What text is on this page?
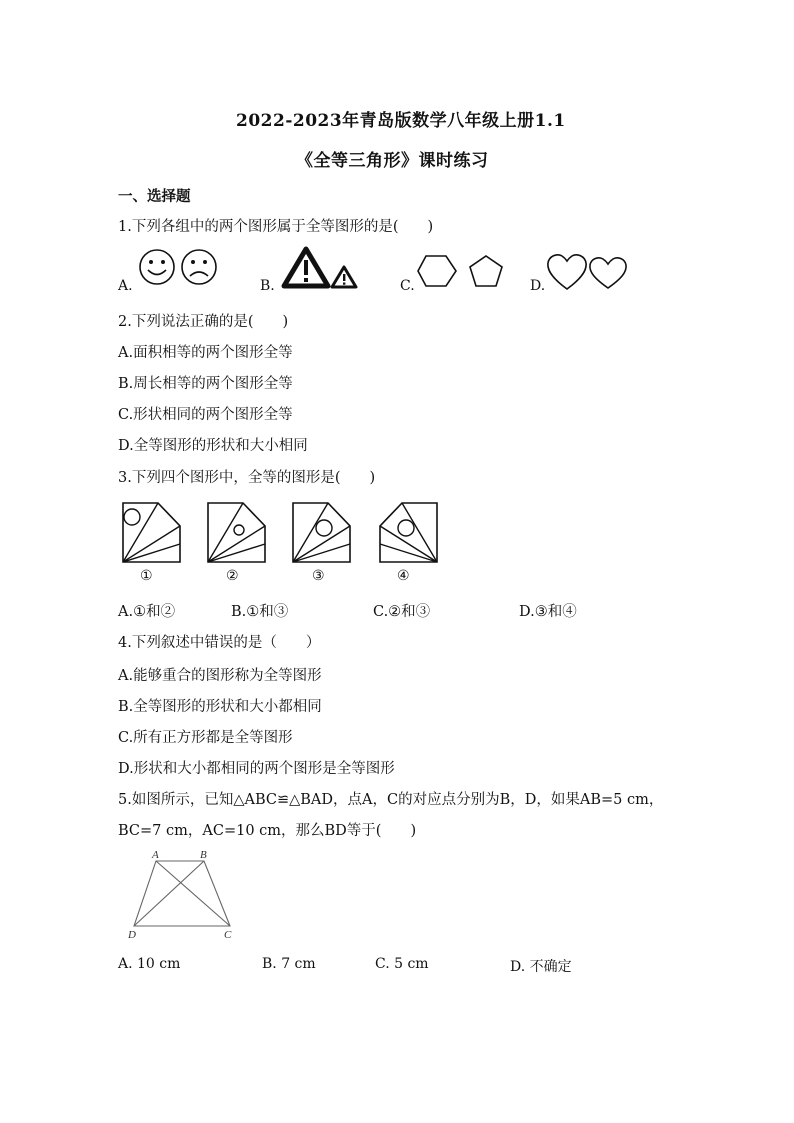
2022-2023年青岛版数学八年级上册1.1
《全等三角形》课时练习
一、选择题
1.下列各组中的两个图形属于全等图形的是(　　)
A.	B.	C.	D.
2.下列说法正确的是(　　)
A.面积相等的两个图形全等
B.周长相等的两个图形全等
C.形状相同的两个图形全等
D.全等图形的形状和大小相同
3.下列四个图形中，全等的图形是(　　)
①	②	③	④
A.①和②	B.①和③	C.②和③	D.③和④
4.下列叙述中错误的是（　　）
A.能够重合的图形称为全等图形
B.全等图形的形状和大小都相同
C.所有正方形都是全等图形
D.形状和大小都相同的两个图形是全等图形
5.如图所示，已知△ABC≌△BAD，点A，C的对应点分别为B，D，如果AB=5 cm，
BC=7 cm，AC=10 cm，那么BD等于(　　)
A	B
D	C
A. 10 cm	B. 7 cm	C. 5 cm	D. 不确定
